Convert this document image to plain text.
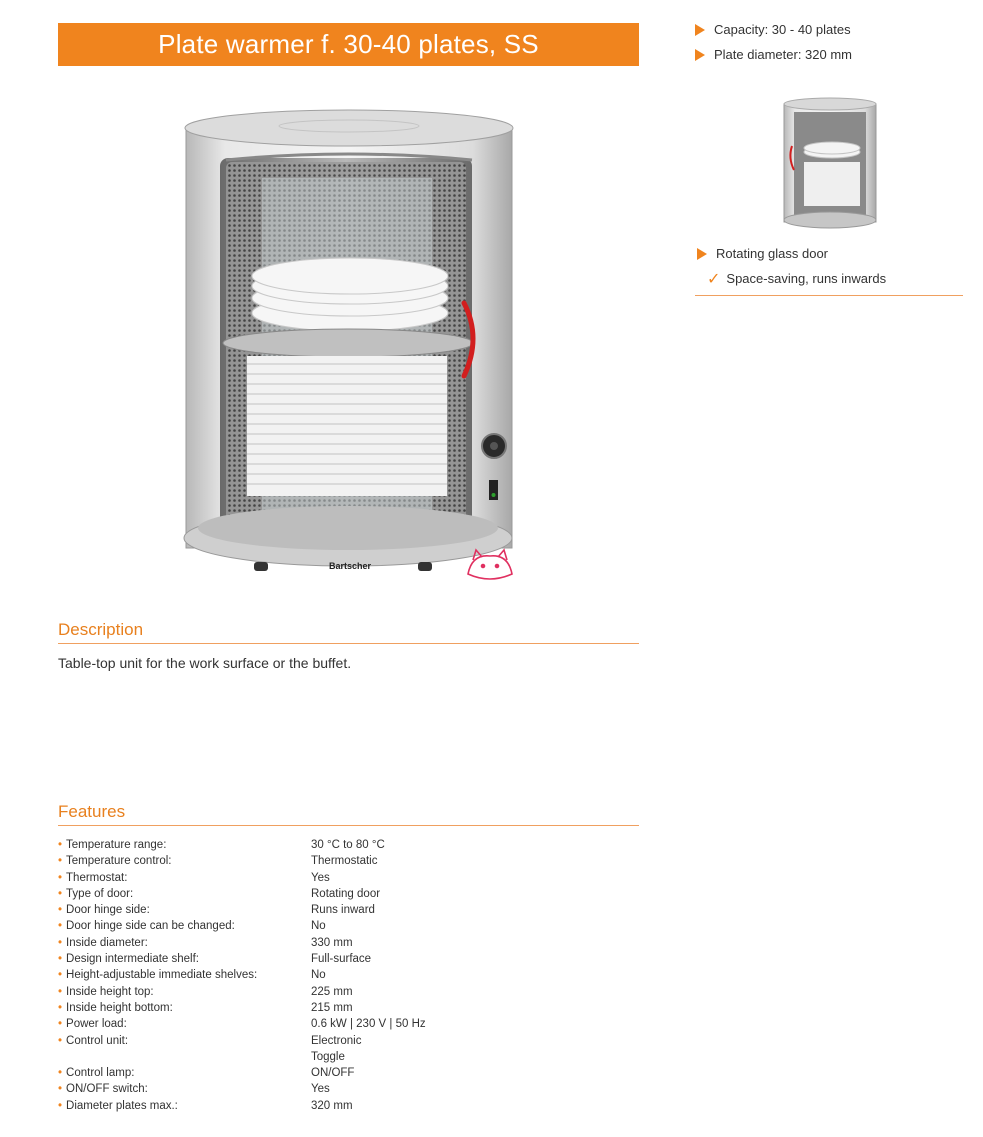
Plate warmer f. 30-40 plates, SS
Bartscher
Capacity: 30 - 40 plates
Plate diameter: 320 mm
Rotating glass door
✓ Space-saving, runs inwards
Description
Table-top unit for the work surface or the buffet.
Features
• Temperature range:	30 °C to 80 °C
• Temperature control:	Thermostatic
• Thermostat:	Yes
• Type of door:	Rotating door
• Door hinge side:	Runs inward
• Door hinge side can be changed:	No
• Inside diameter:	330 mm
• Design intermediate shelf:	Full-surface
• Height-adjustable immediate shelves:	No
• Inside height top:	225 mm
• Inside height bottom:	215 mm
• Power load:	0.6 kW | 230 V | 50 Hz
• Control unit:	Electronic
Toggle
• Control lamp:	ON/OFF
• ON/OFF switch:	Yes
• Diameter plates max.:	320 mm
